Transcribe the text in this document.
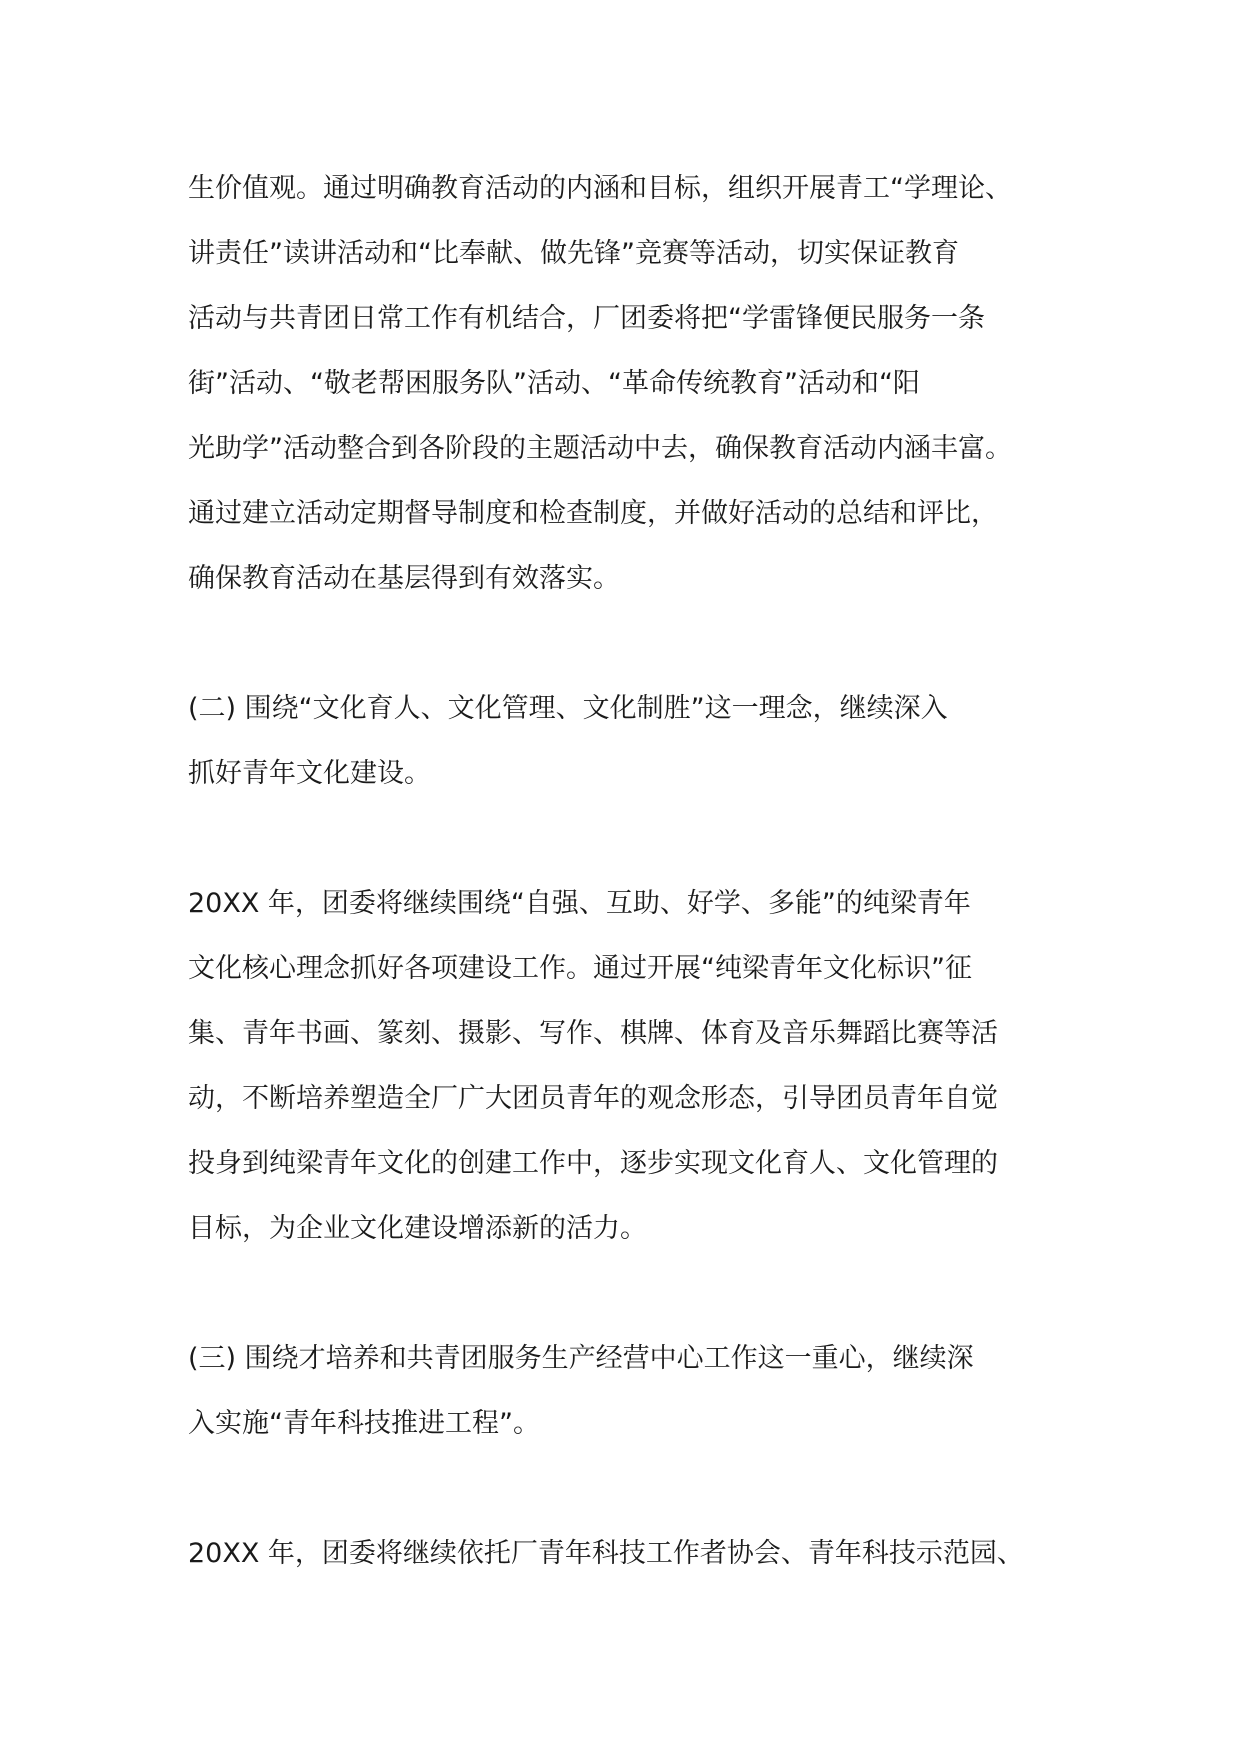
生价值观。通过明确教育活动的内涵和目标，组织开展青工“学理论、
讲责任”读讲活动和“比奉献、做先锋”竞赛等活动，切实保证教育
活动与共青团日常工作有机结合，厂团委将把“学雷锋便民服务一条
街”活动、“敬老帮困服务队”活动、“革命传统教育”活动和“阳
光助学”活动整合到各阶段的主题活动中去，确保教育活动内涵丰富。
通过建立活动定期督导制度和检查制度，并做好活动的总结和评比，
确保教育活动在基层得到有效落实。
(二) 围绕“文化育人、文化管理、文化制胜”这一理念，继续深入
抓好青年文化建设。
20XX 年，团委将继续围绕“自强、互助、好学、多能”的纯梁青年
文化核心理念抓好各项建设工作。通过开展“纯梁青年文化标识”征
集、青年书画、篆刻、摄影、写作、棋牌、体育及音乐舞蹈比赛等活
动，不断培养塑造全厂广大团员青年的观念形态，引导团员青年自觉
投身到纯梁青年文化的创建工作中，逐步实现文化育人、文化管理的
目标，为企业文化建设增添新的活力。
(三) 围绕才培养和共青团服务生产经营中心工作这一重心，继续深
入实施“青年科技推进工程”。
20XX 年，团委将继续依托厂青年科技工作者协会、青年科技示范园、
